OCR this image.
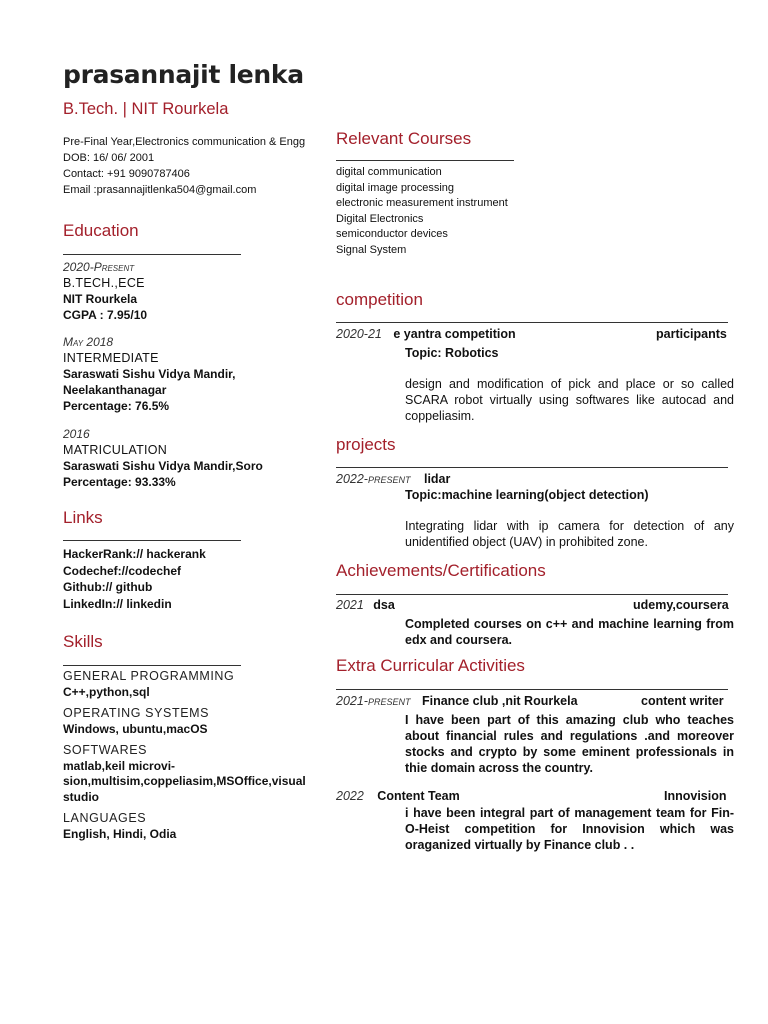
prasannajit lenka
B.Tech. | NIT Rourkela
Pre-Final Year,Electronics communication & Engg
DOB: 16/ 06/ 2001
Contact: +91 9090787406
Email :prasannajitlenka504@gmail.com
Education
2020-Present
B.TECH.,ECE
NIT Rourkela
CGPA : 7.95/10
May 2018
INTERMEDIATE
Saraswati Sishu Vidya Mandir,
Neelakanthanagar
Percentage: 76.5%
2016
MATRICULATION
Saraswati Sishu Vidya Mandir,Soro
Percentage: 93.33%
Links
HackerRank:// hackerank
Codechef://codechef
Github:// github
LinkedIn:// linkedin
Skills
GENERAL PROGRAMMING
C++,python,sql
OPERATING SYSTEMS
Windows, ubuntu,macOS
SOFTWARES
matlab,keil microvi- sion,multisim,coppeliasim,MSOffice,visual studio
LANGUAGES
English, Hindi, Odia
Relevant Courses
digital communication
digital image processing
electronic measurement instrument
Digital Electronics
semiconductor devices
Signal System
competition
2020-21 e yantra competition	participants
Topic: Robotics
design and modification of pick and place or so called SCARA robot virtually using softwares like autocad and coppeliasim.
projects
2022-present lidar
Topic:machine learning(object detection)
Integrating lidar with ip camera for detection of any unidentified object (UAV) in prohibited zone.
Achievements/Certifications
2021 dsa	udemy,coursera
Completed courses on c++ and machine learning from edx and coursera.
Extra Curricular Activities
2021-present Finance club ,nit Rourkela	content writer
I have been part of this amazing club who teaches about financial rules and regulations .and moreover stocks and crypto by some eminent professionals in thie domain across the country.
2022 Content Team	Innovision
i have been integral part of management team for Fin-O-Heist competition for Innovision which was oraganized virtually by Finance club . .
